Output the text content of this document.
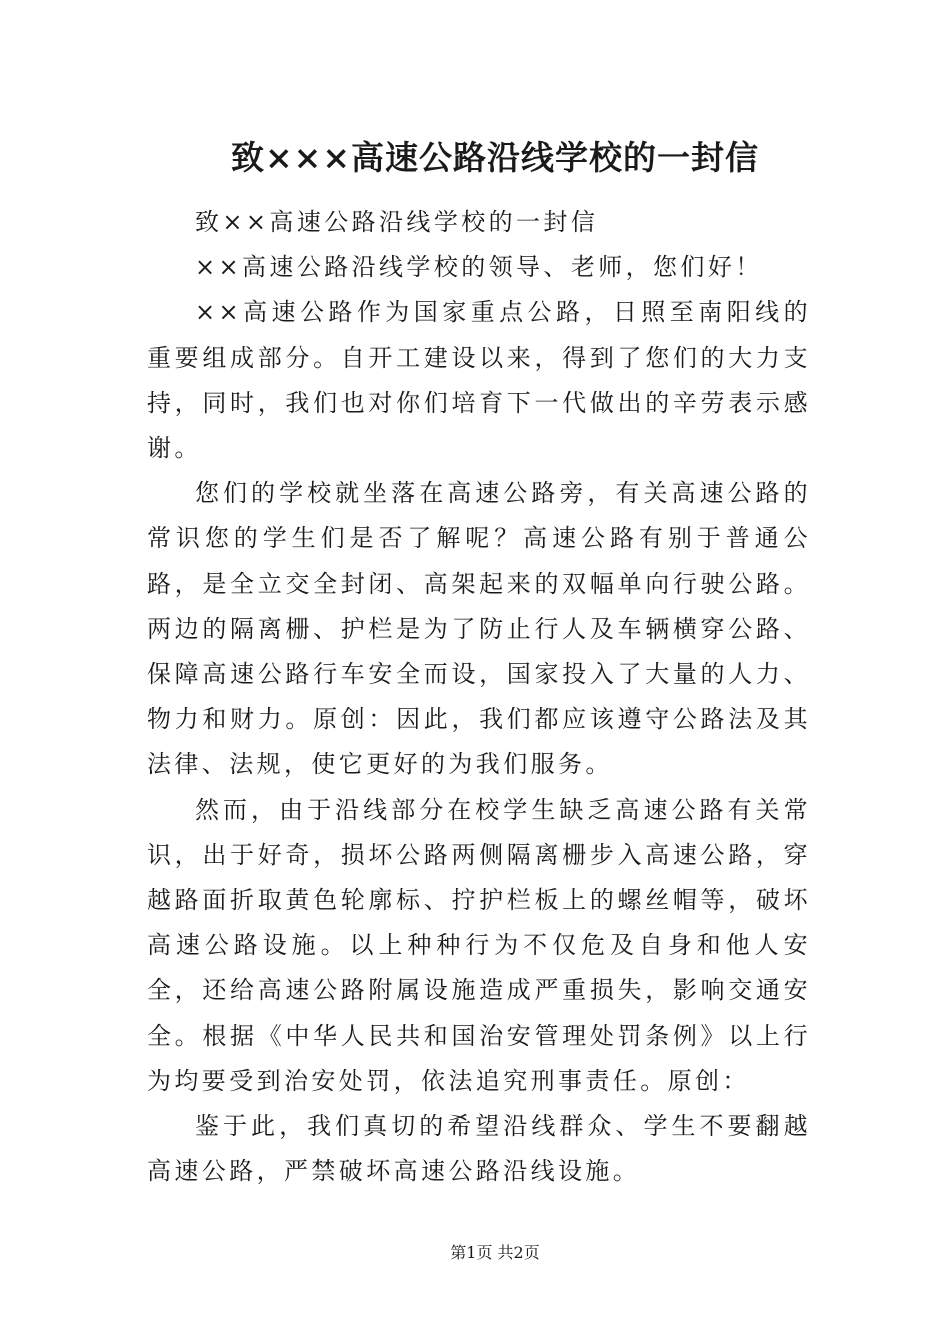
致×××高速公路沿线学校的一封信

致××高速公路沿线学校的一封信

××高速公路沿线学校的领导、老师，您们好！

××高速公路作为国家重点公路，日照至南阳线的重要组成部分。自开工建设以来，得到了您们的大力支持，同时，我们也对你们培育下一代做出的辛劳表示感谢。

您们的学校就坐落在高速公路旁，有关高速公路的常识您的学生们是否了解呢？高速公路有别于普通公路，是全立交全封闭、高架起来的双幅单向行驶公路。两边的隔离栅、护栏是为了防止行人及车辆横穿公路、保障高速公路行车安全而设，国家投入了大量的人力、物力和财力。原创：因此，我们都应该遵守公路法及其法律、法规，使它更好的为我们服务。

然而，由于沿线部分在校学生缺乏高速公路有关常识，出于好奇，损坏公路两侧隔离栅步入高速公路，穿越路面折取黄色轮廓标、拧护栏板上的螺丝帽等，破坏高速公路设施。以上种种行为不仅危及自身和他人安全，还给高速公路附属设施造成严重损失，影响交通安全。根据《中华人民共和国治安管理处罚条例》以上行为均要受到治安处罚，依法追究刑事责任。原创：

鉴于此，我们真切的希望沿线群众、学生不要翻越高速公路，严禁破坏高速公路沿线设施。

第1页 共2页
